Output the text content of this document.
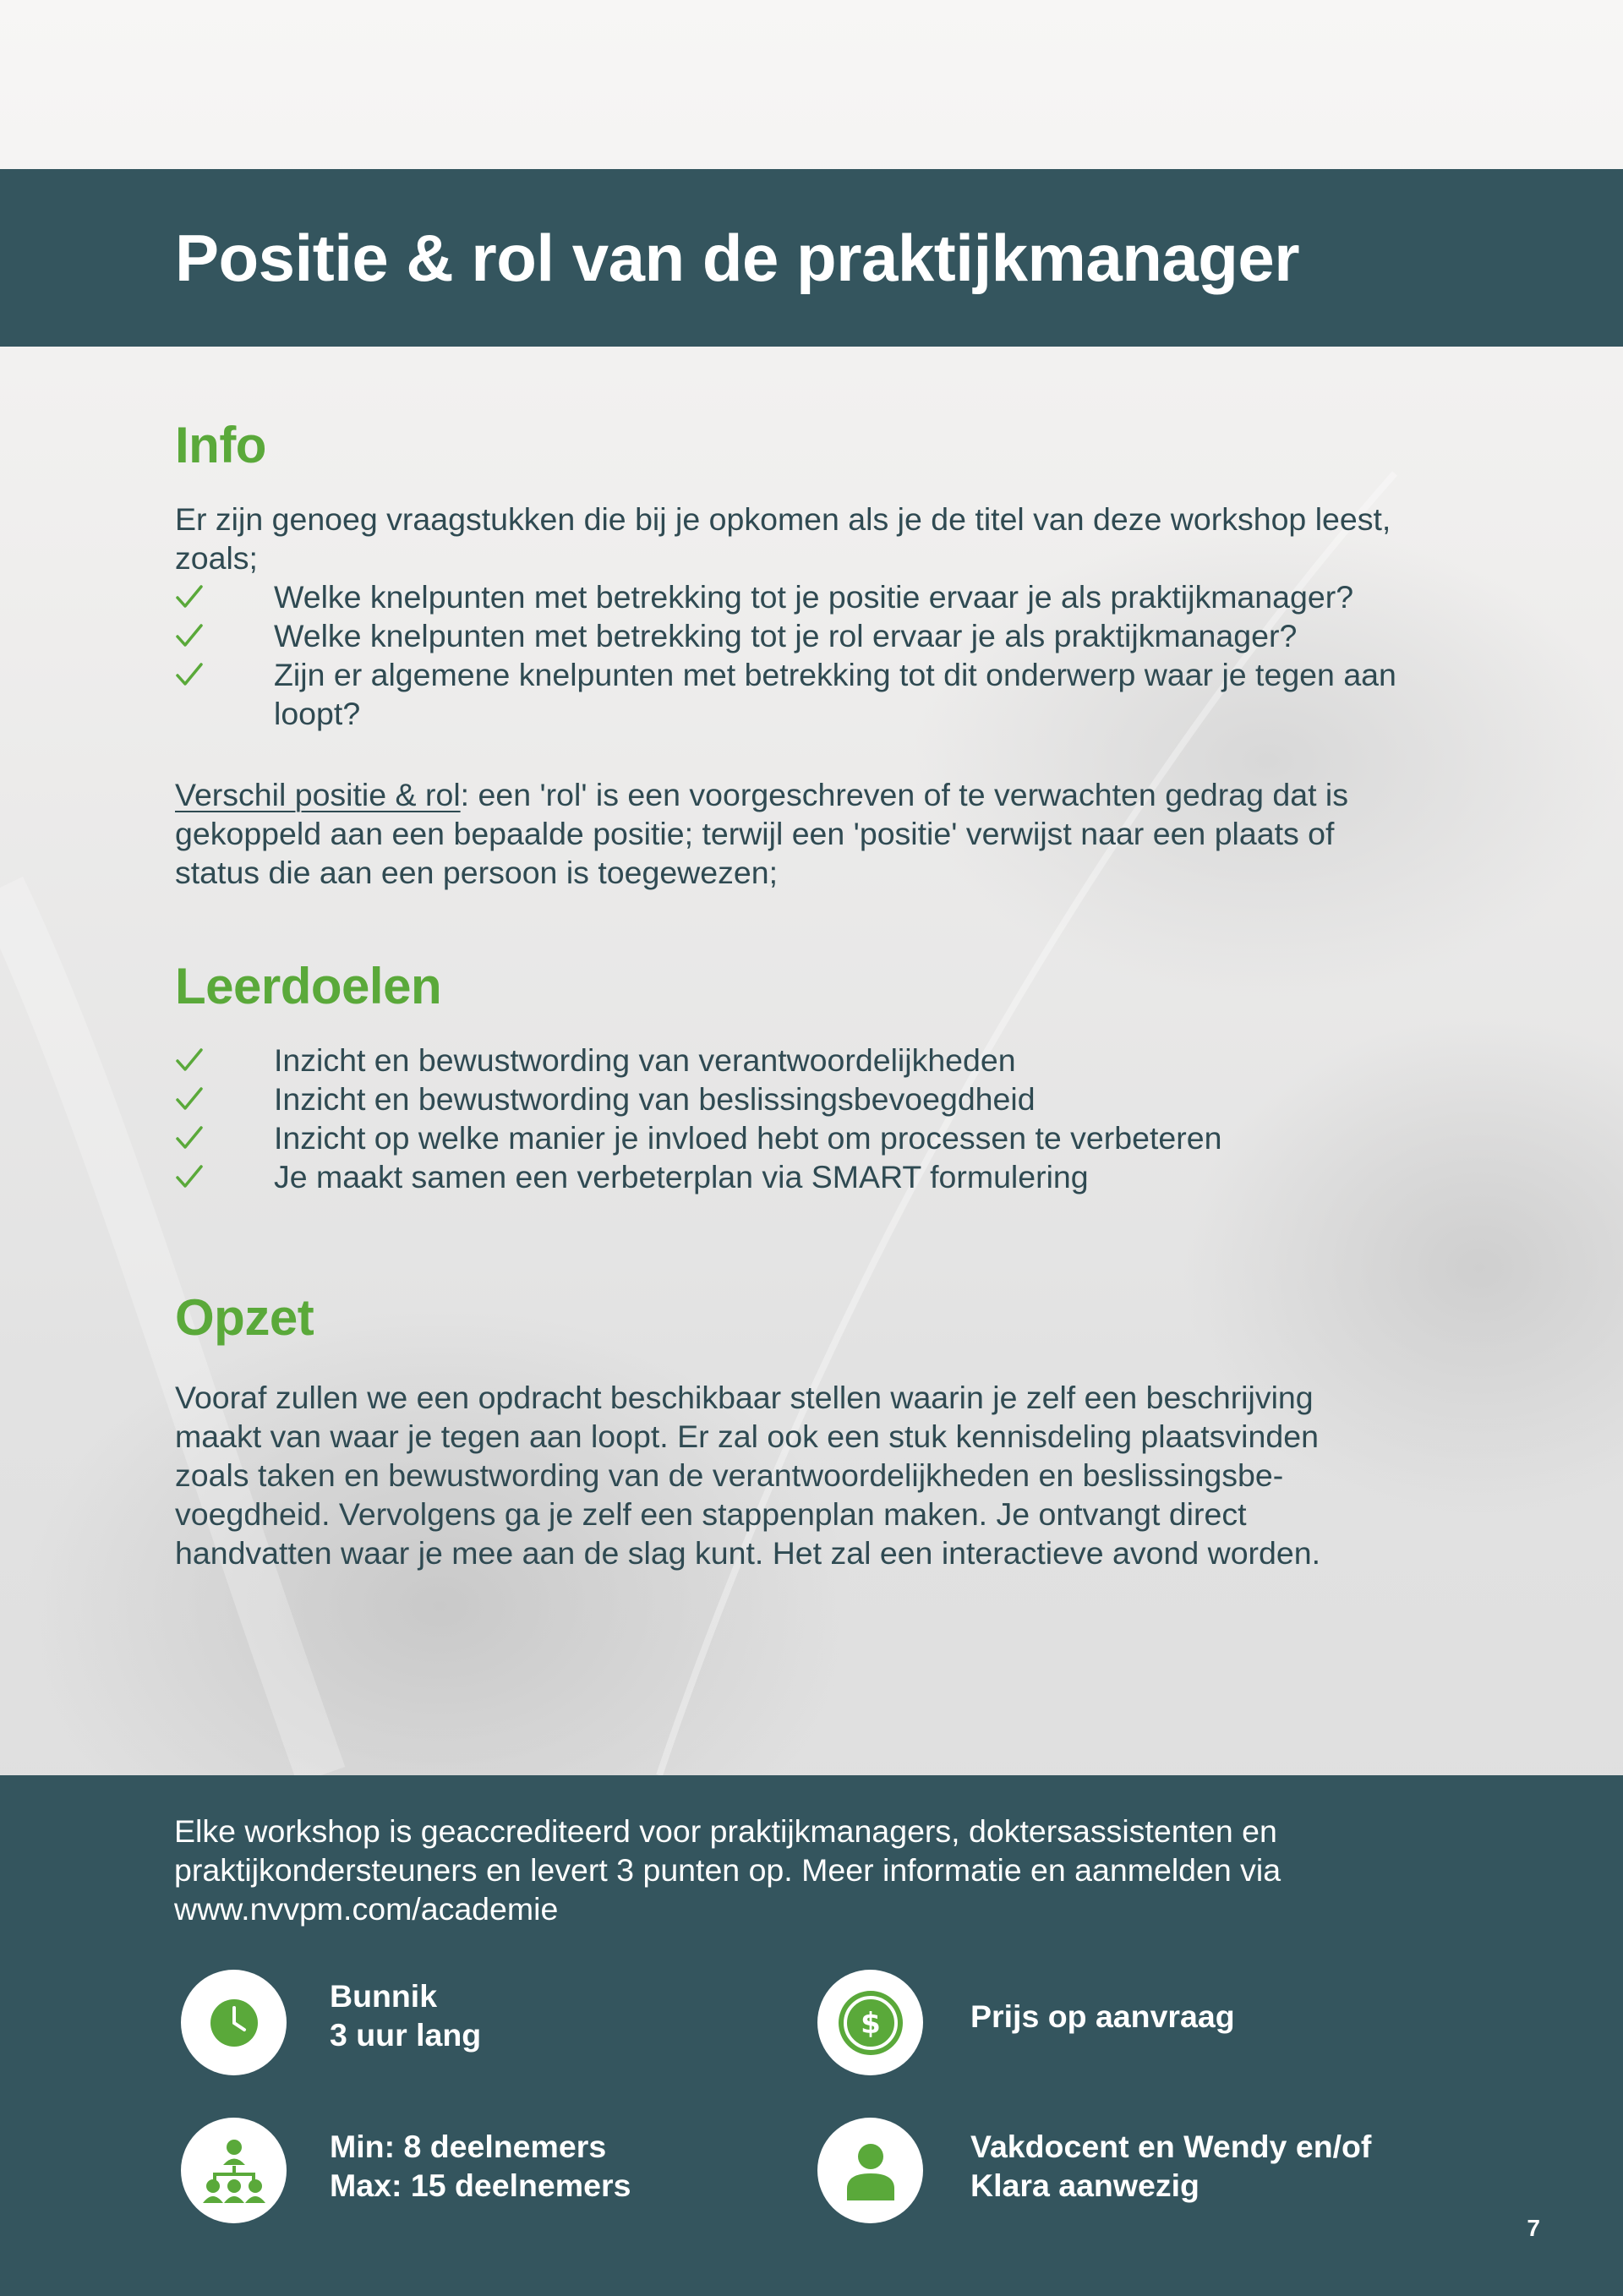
Positie & rol van de praktijkmanager
Info

Er zijn genoeg vraagstukken die bij je opkomen als je de titel van deze workshop leest, zoals;

Welke knelpunten met betrekking tot je positie ervaar je als praktijkmanager?
Welke knelpunten met betrekking tot je rol ervaar je als praktijkmanager?
Zijn er algemene knelpunten met betrekking tot dit onderwerp waar je tegen aan loopt?

Verschil positie & rol: een 'rol' is een voorgeschreven of te verwachten gedrag dat is gekoppeld aan een bepaalde positie; terwijl een 'positie' verwijst naar een plaats of status die aan een persoon is toegewezen;

Leerdoelen
Inzicht en bewustwording van verantwoordelijkheden
Inzicht en bewustwording van beslissingsbevoegdheid
Inzicht op welke manier je invloed hebt om processen te verbeteren
Je maakt samen een verbeterplan via SMART formulering
Opzet

Vooraf zullen we een opdracht beschikbaar stellen waarin je zelf een beschrijving maakt van waar je tegen aan loopt. Er zal ook een stuk kennisdeling plaatsvinden zoals taken en bewustwording van de verantwoordelijkheden en beslissingsbe-voegdheid. Vervolgens ga je zelf een stappenplan maken. Je ontvangt direct handvatten waar je mee aan de slag kunt. Het zal een interactieve avond worden.

Elke workshop is geaccrediteerd voor praktijkmanagers, doktersassistenten en praktijkondersteuners en levert 3 punten op. Meer informatie en aanmelden via www.nvvpm.com/academie

Bunnik
3 uur lang	$	Prijs op aanvraag
Min: 8 deelnemers
Max: 15 deelnemers
Vakdocent en Wendy en/of
Klara aanwezig
7
